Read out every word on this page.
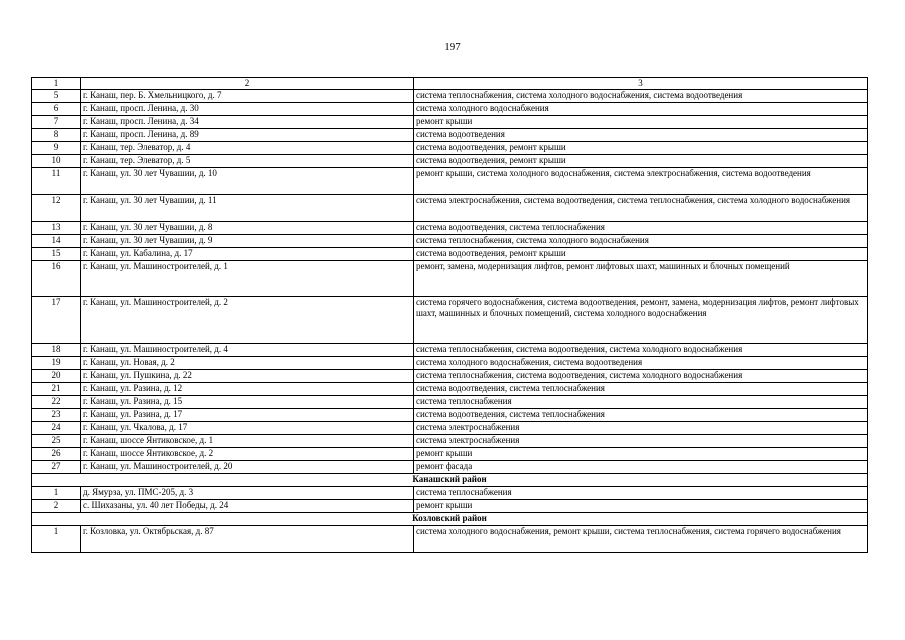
197
1	2	3
5	г. Канаш, пер. Б. Хмельницкого, д. 7	система теплоснабжения, система холодного водоснабжения, система водоотведения
6	г. Канаш, просп. Ленина, д. 30	система холодного водоснабжения
7	г. Канаш, просп. Ленина, д. 34	ремонт крыши
8	г. Канаш, просп. Ленина, д. 89	система водоотведения
9	г. Канаш, тер. Элеватор, д. 4	система водоотведения, ремонт крыши
10	г. Канаш, тер. Элеватор, д. 5	система водоотведения, ремонт крыши
11	г. Канаш, ул. 30 лет Чувашии, д. 10	ремонт крыши, система холодного водоснабжения, система электроснабжения, система водоотведения
12	г. Канаш, ул. 30 лет Чувашии, д. 11	система электроснабжения, система водоотведения, система теплоснабжения, система холодного водоснабжения
13	г. Канаш, ул. 30 лет Чувашии, д. 8	система водоотведения, система теплоснабжения
14	г. Канаш, ул. 30 лет Чувашии, д. 9	система теплоснабжения, система холодного водоснабжения
15	г. Канаш, ул. Кабалина, д. 17	система водоотведения, ремонт крыши
16	г. Канаш, ул. Машиностроителей, д. 1	ремонт, замена, модернизация лифтов, ремонт лифтовых шахт, машинных и блочных помещений
17	г. Канаш, ул. Машиностроителей, д. 2	система горячего водоснабжения, система водоотведения, ремонт, замена, модернизация лифтов, ремонт лифтовых шахт, машинных и блочных помещений, система холодного водоснабжения
18	г. Канаш, ул. Машиностроителей, д. 4	система теплоснабжения, система водоотведения, система холодного водоснабжения
19	г. Канаш, ул. Новая, д. 2	система холодного водоснабжения, система водоотведения
20	г. Канаш, ул. Пушкина, д. 22	система теплоснабжения, система водоотведения, система холодного водоснабжения
21	г. Канаш, ул. Разина, д. 12	система водоотведения, система теплоснабжения
22	г. Канаш, ул. Разина, д. 15	система теплоснабжения
23	г. Канаш, ул. Разина, д. 17	система водоотведения, система теплоснабжения
24	г. Канаш, ул. Чкалова, д. 17	система электроснабжения
25	г. Канаш, шоссе Янтиковское, д. 1	система электроснабжения
26	г. Канаш, шоссе Янтиковское, д. 2	ремонт крыши
27	г. Канаш, ул. Машиностроителей, д. 20	ремонт фасада
Канашский район		
1	д. Ямурза, ул. ПМС-205, д. 3	система теплоснабжения
2	с. Шихазаны, ул. 40 лет Победы, д. 24	ремонт крыши
Козловский район		
1	г. Козловка, ул. Октябрьская, д. 87	система холодного водоснабжения, ремонт крыши, система теплоснабжения, система горячего водоснабжения
